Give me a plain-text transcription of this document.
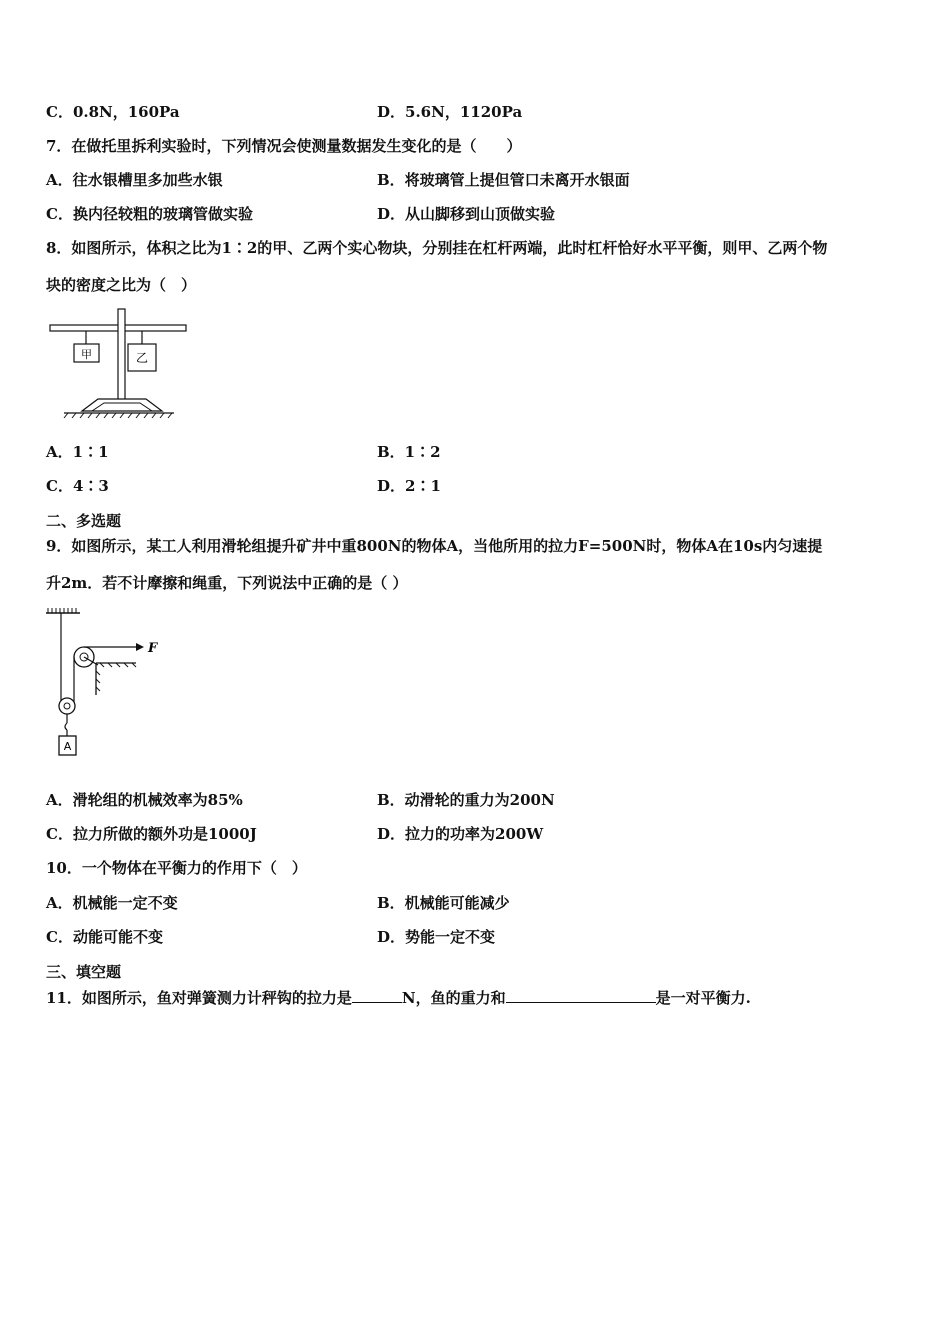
C．0.8N，160Pa	D．5.6N，1120Pa
7．在做托里拆利实验时，下列情况会使测量数据发生变化的是（　　）
A．往水银槽里多加些水银	B．将玻璃管上提但管口未离开水银面
C．换内径较粗的玻璃管做实验	D．从山脚移到山顶做实验
8．如图所示，体积之比为1∶2的甲、乙两个实心物块，分别挂在杠杆两端，此时杠杆恰好水平平衡，则甲、乙两个物
块的密度之比为（　）
甲	乙
A．1∶1	B．1∶2
C．4∶3	D．2∶1
二、多选题
9．如图所示，某工人利用滑轮组提升矿井中重800N的物体A，当他所用的拉力F=500N时，物体A在10s内匀速提
升2m．若不计摩擦和绳重，下列说法中正确的是（ ）
F
A
A．滑轮组的机械效率为85%	B．动滑轮的重力为200N
C．拉力所做的额外功是1000J	D．拉力的功率为200W
10．一个物体在平衡力的作用下（　）
A．机械能一定不变	B．机械能可能减少
C．动能可能不变	D．势能一定不变
三、填空题
11．如图所示，鱼对弹簧测力计秤钩的拉力是	N，鱼的重力和	是一对平衡力.
